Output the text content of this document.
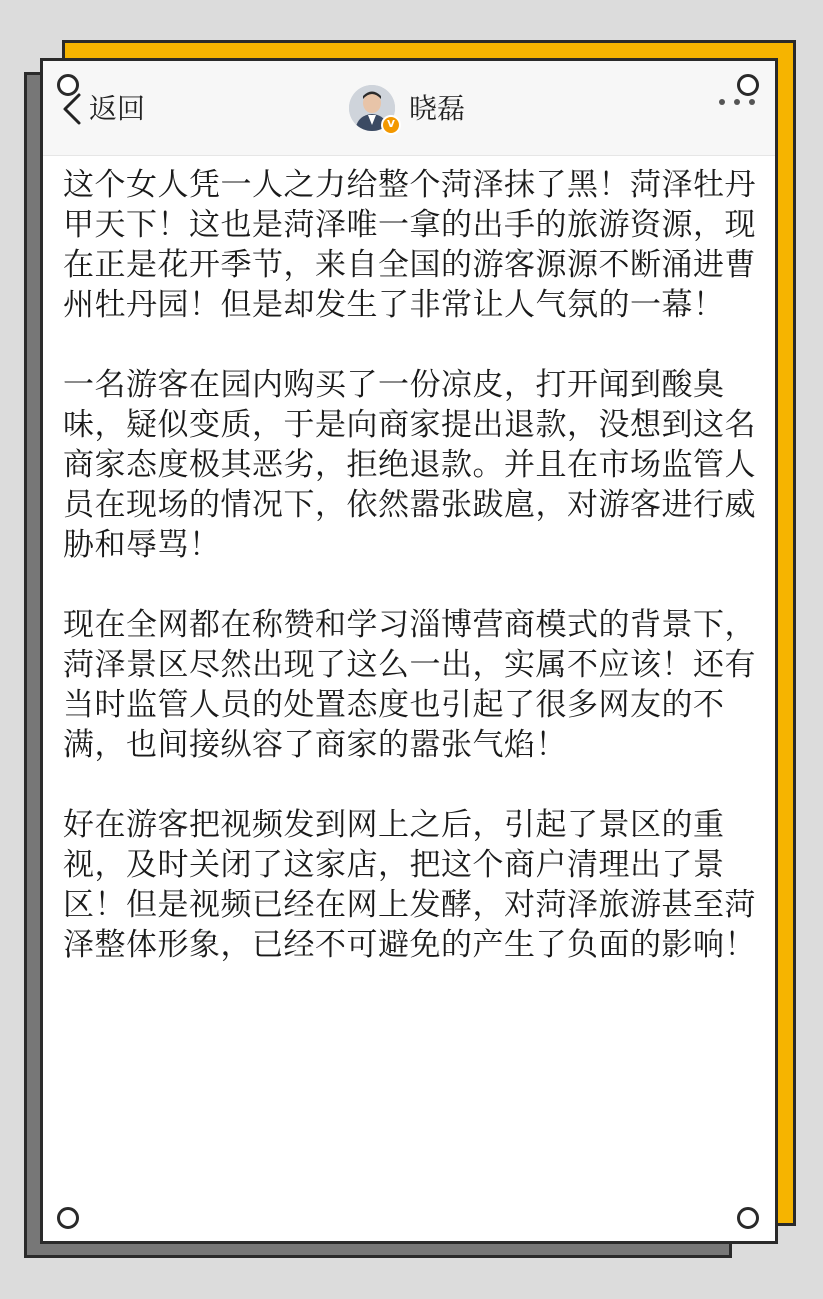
返回	V 晓磊

这个女人凭一人之力给整个菏泽抹了黑！菏泽牡丹甲天下！这也是菏泽唯一拿的出手的旅游资源，现在正是花开季节，来自全国的游客源源不断涌进曹州牡丹园！但是却发生了非常让人气氛的一幕！

一名游客在园内购买了一份凉皮，打开闻到酸臭味，疑似变质，于是向商家提出退款，没想到这名商家态度极其恶劣，拒绝退款。并且在市场监管人员在现场的情况下，依然嚣张跋扈，对游客进行威胁和辱骂！

现在全网都在称赞和学习淄博营商模式的背景下，菏泽景区尽然出现了这么一出，实属不应该！还有当时监管人员的处置态度也引起了很多网友的不满，也间接纵容了商家的嚣张气焰！

好在游客把视频发到网上之后，引起了景区的重视，及时关闭了这家店，把这个商户清理出了景区！但是视频已经在网上发酵，对菏泽旅游甚至菏泽整体形象，已经不可避免的产生了负面的影响！
